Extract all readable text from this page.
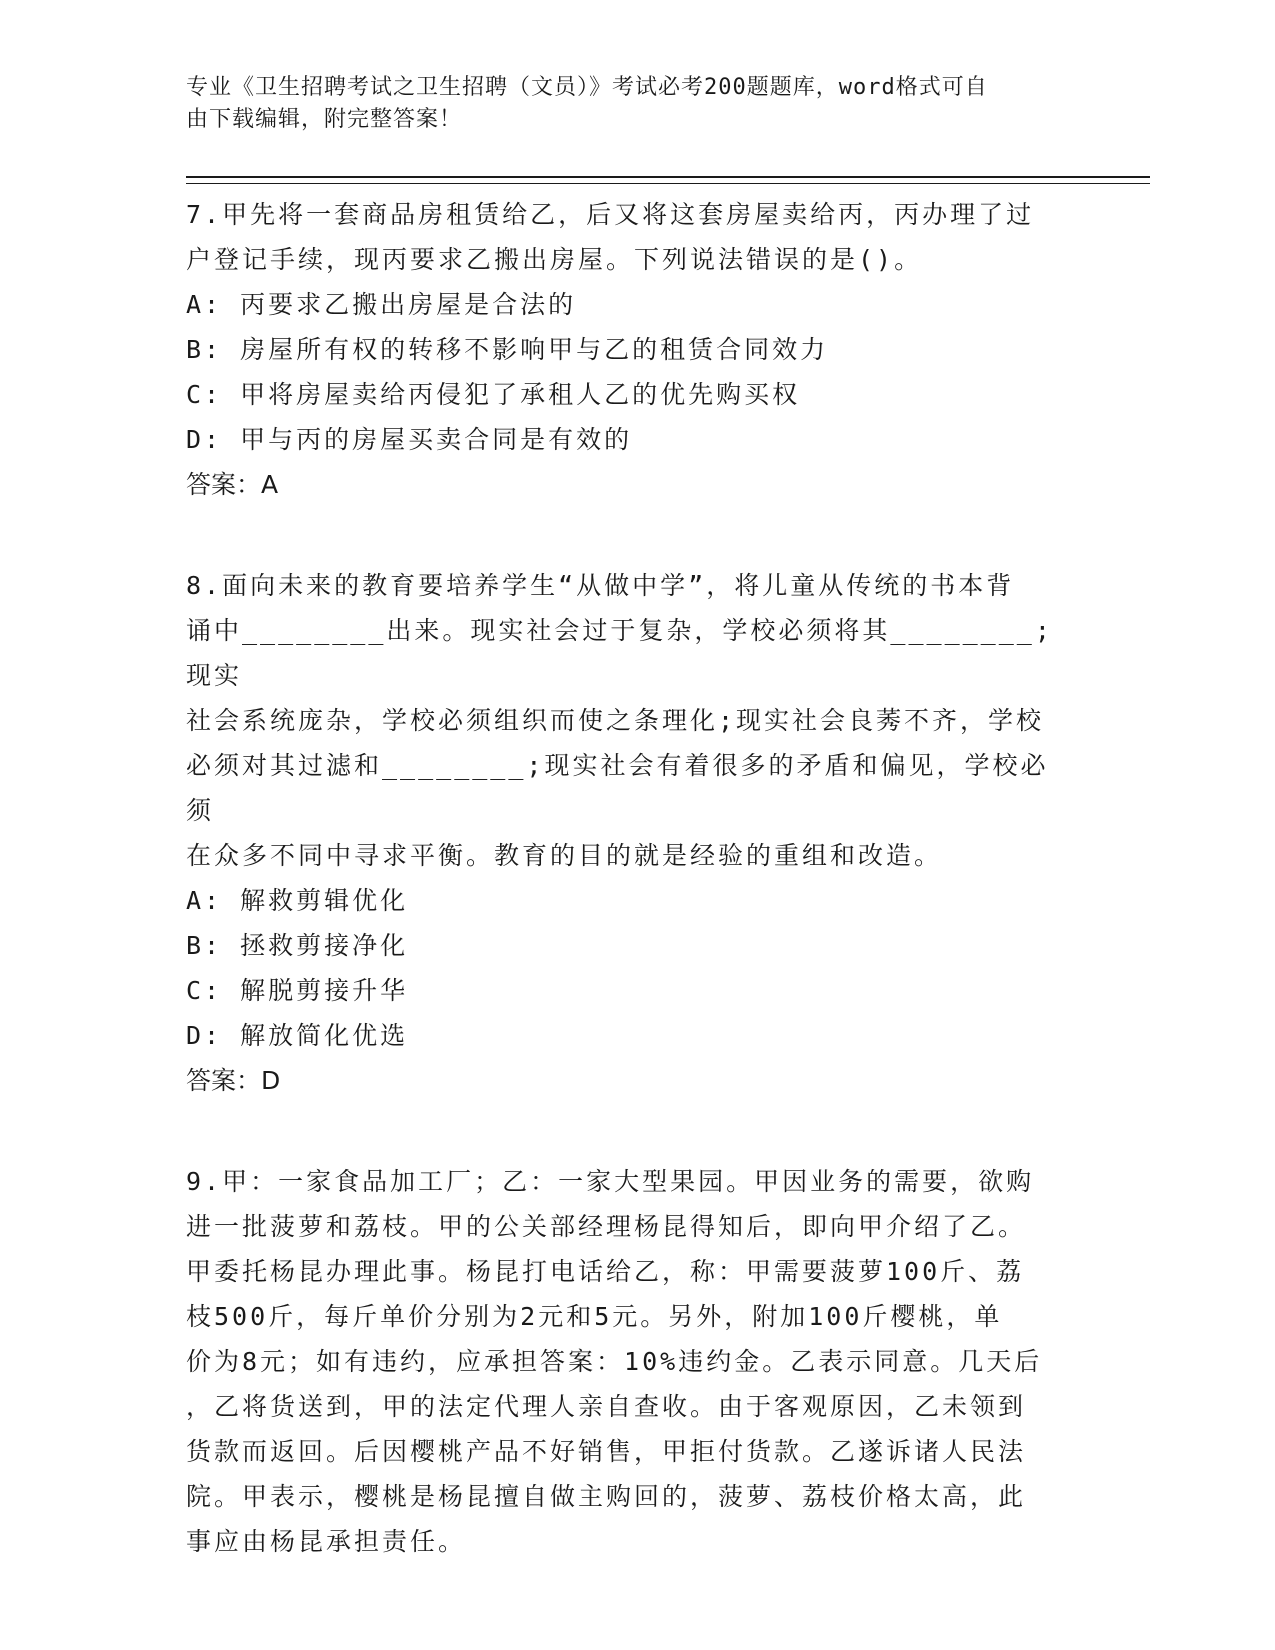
专业《卫生招聘考试之卫生招聘（文员）》考试必考200题题库，word格式可自
由下载编辑，附完整答案！

7.甲先将一套商品房租赁给乙，后又将这套房屋卖给丙，丙办理了过

户登记手续，现丙要求乙搬出房屋。下列说法错误的是()。

A: 丙要求乙搬出房屋是合法的

B: 房屋所有权的转移不影响甲与乙的租赁合同效力

C: 甲将房屋卖给丙侵犯了承租人乙的优先购买权

D: 甲与丙的房屋买卖合同是有效的

答案：A

8.面向未来的教育要培养学生“从做中学”，将儿童从传统的书本背

诵中________出来。现实社会过于复杂，学校必须将其________;现实

社会系统庞杂，学校必须组织而使之条理化;现实社会良莠不齐，学校

必须对其过滤和________;现实社会有着很多的矛盾和偏见，学校必须

在众多不同中寻求平衡。教育的目的就是经验的重组和改造。

A: 解救剪辑优化

B: 拯救剪接净化

C: 解脱剪接升华

D: 解放简化优选

答案：D

9.甲：一家食品加工厂；乙：一家大型果园。甲因业务的需要，欲购

进一批菠萝和荔枝。甲的公关部经理杨昆得知后，即向甲介绍了乙。

甲委托杨昆办理此事。杨昆打电话给乙，称：甲需要菠萝100斤、荔

枝500斤，每斤单价分别为2元和5元。另外，附加100斤樱桃，单

价为8元；如有违约，应承担答案：10%违约金。乙表示同意。几天后

，乙将货送到，甲的法定代理人亲自查收。由于客观原因，乙未领到

货款而返回。后因樱桃产品不好销售，甲拒付货款。乙遂诉诸人民法

院。甲表示，樱桃是杨昆擅自做主购回的，菠萝、荔枝价格太高，此

事应由杨昆承担责任。
